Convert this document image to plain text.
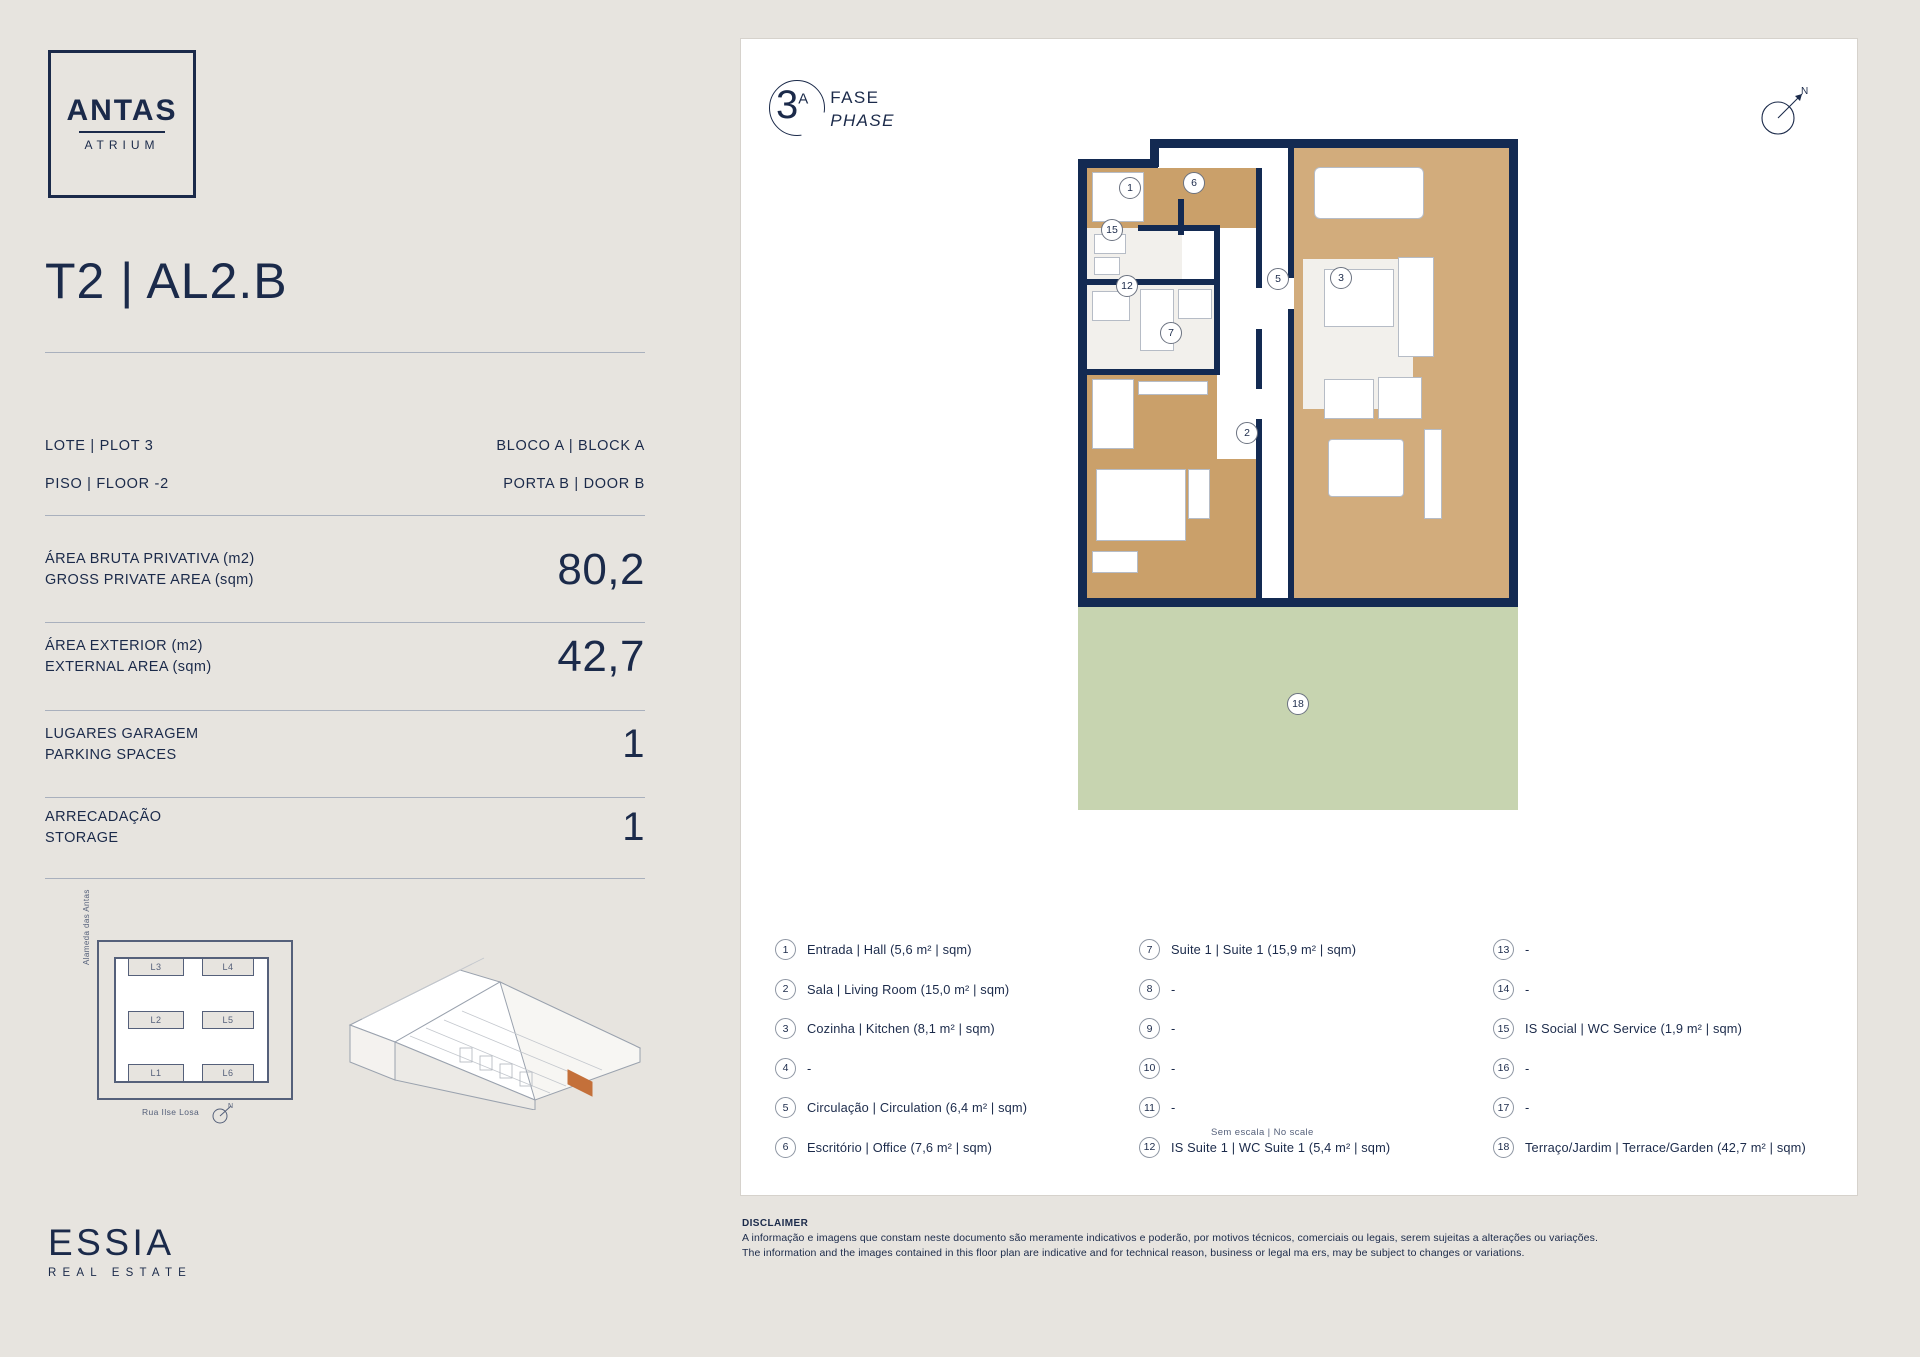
ANTAS
ATRIUM
T2 | AL2.B
LOTE | PLOT 3	BLOCO A | BLOCK A
PISO | FLOOR -2	PORTA B | DOOR B
ÁREA BRUTA PRIVATIVA (m2)
GROSS PRIVATE AREA (sqm)	80,2
ÁREA EXTERIOR (m2)
EXTERNAL AREA (sqm)	42,7
LUGARES GARAGEM
PARKING SPACES	1
ARRECADAÇÃO
STORAGE	1
L3	L4
L2	L5
L1	L6
Alameda das Antas
Rua Ilse Losa
N
ESSIA
REAL ESTATE
$3^A$ FASE
PHASE
N
1
2
3
5
6
7
12
15
18
1	Entrada | Hall (5,6 m² | sqm)
2	Sala | Living Room (15,0 m² | sqm)
3	Cozinha | Kitchen (8,1 m² | sqm)
4	-
5	Circulação | Circulation (6,4 m² | sqm)
6	Escritório | Office (7,6 m² | sqm)
7	Suite 1 | Suite 1 (15,9 m² | sqm)
8	-
9	-
10	-
11	-
12	IS Suite 1 | WC Suite 1 (5,4 m² | sqm)
13	-
14	-
15	IS Social | WC Service (1,9 m² | sqm)
16	-
17	-
18	Terraço/Jardim | Terrace/Garden (42,7 m² | sqm)
Sem escala | No scale
DISCLAIMER
A informação e imagens que constam neste documento são meramente indicativos e poderão, por motivos técnicos, comerciais ou legais, serem sujeitas a alterações ou variações.
The information and the images contained in this floor plan are indicative and for technical reason, business or legal ma ers, may be subject to changes or variations.
